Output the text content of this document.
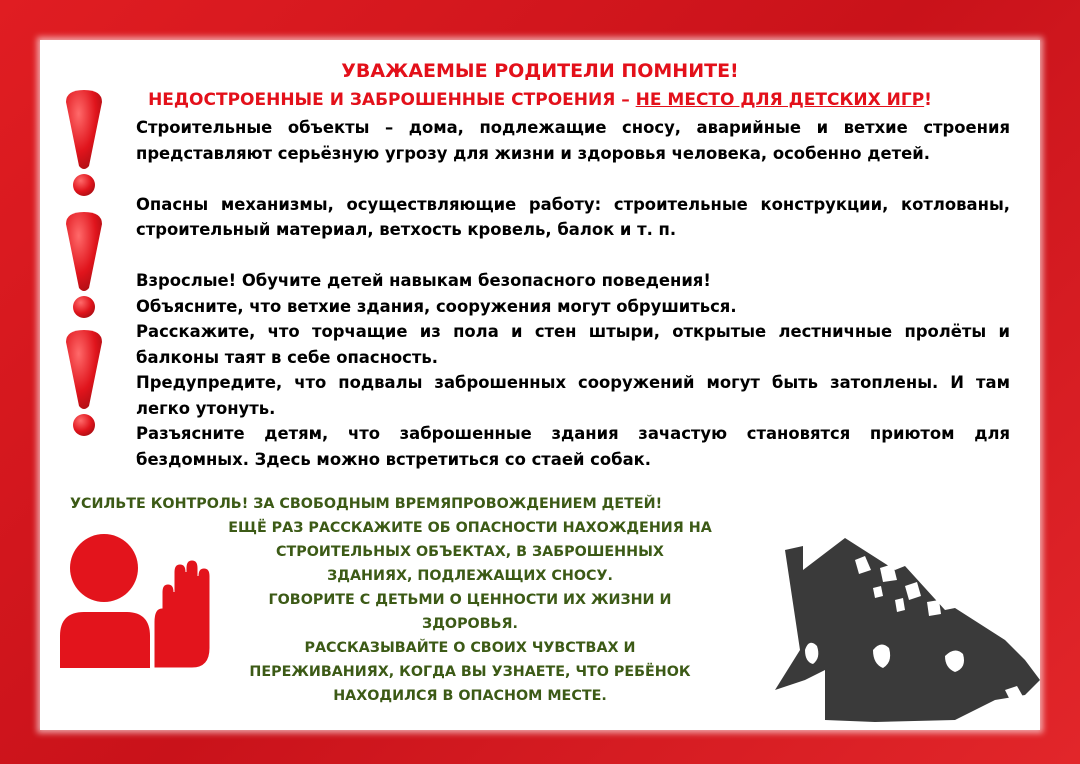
УВАЖАЕМЫЕ РОДИТЕЛИ ПОМНИТЕ!
НЕДОСТРОЕННЫЕ И ЗАБРОШЕННЫЕ СТРОЕНИЯ – НЕ МЕСТО ДЛЯ ДЕТСКИХ ИГР!

Строительные объекты – дома, подлежащие сносу, аварийные и ветхие строения представляют серьёзную угрозу для жизни и здоровья человека, особенно детей.

Опасны механизмы, осуществляющие работу: строительные конструкции, котлованы, строительный материал, ветхость кровель, балок и т. п.

Взрослые! Обучите детей навыкам безопасного поведения!

Объясните, что ветхие здания, сооружения могут обрушиться.

Расскажите, что торчащие из пола и стен штыри, открытые лестничные пролёты и балконы таят в себе опасность.

Предупредите, что подвалы заброшенных сооружений могут быть затоплены. И там легко утонуть.

Разъясните детям, что заброшенные здания зачастую становятся приютом для бездомных. Здесь можно встретиться со стаей собак.

УСИЛЬТЕ КОНТРОЛЬ! ЗА СВОБОДНЫМ ВРЕМЯПРОВОЖДЕНИЕМ ДЕТЕЙ!
ЕЩЁ РАЗ РАССКАЖИТЕ ОБ ОПАСНОСТИ НАХОЖДЕНИЯ НА
СТРОИТЕЛЬНЫХ ОБЪЕКТАХ, В ЗАБРОШЕННЫХ
ЗДАНИЯХ, ПОДЛЕЖАЩИХ СНОСУ.
ГОВОРИТЕ С ДЕТЬМИ О ЦЕННОСТИ ИХ ЖИЗНИ И
ЗДОРОВЬЯ.
РАССКАЗЫВАЙТЕ О СВОИХ ЧУВСТВАХ И
ПЕРЕЖИВАНИЯХ, КОГДА ВЫ УЗНАЕТЕ, ЧТО РЕБЁНОК
НАХОДИЛСЯ В ОПАСНОМ МЕСТЕ.
